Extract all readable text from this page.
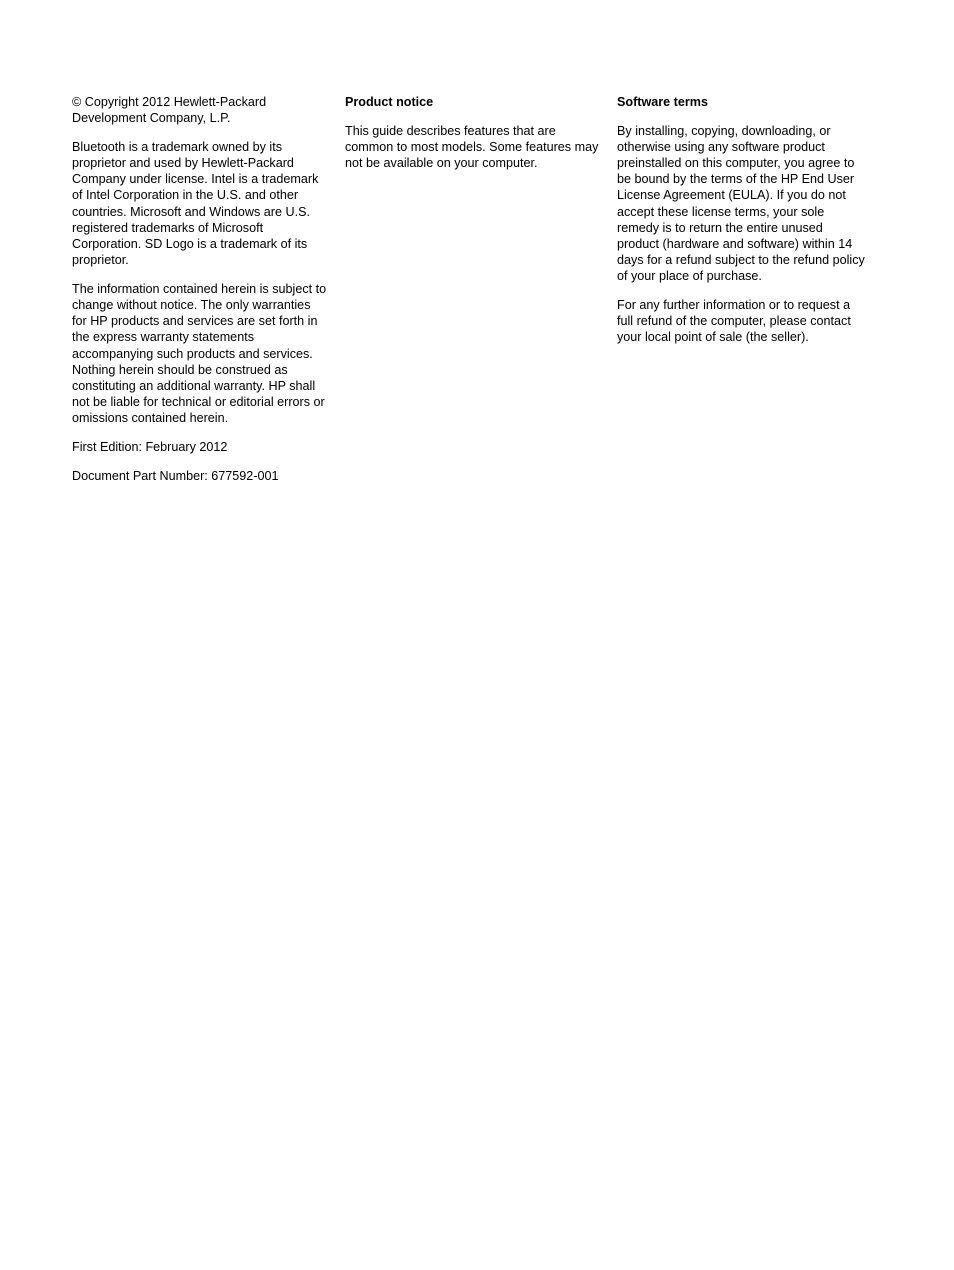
© Copyright 2012 Hewlett-Packard Development Company, L.P.

Bluetooth is a trademark owned by its proprietor and used by Hewlett-Packard Company under license. Intel is a trademark of Intel Corporation in the U.S. and other countries. Microsoft and Windows are U.S. registered trademarks of Microsoft Corporation. SD Logo is a trademark of its proprietor.

The information contained herein is subject to change without notice. The only warranties for HP products and services are set forth in the express warranty statements accompanying such products and services. Nothing herein should be construed as constituting an additional warranty. HP shall not be liable for technical or editorial errors or omissions contained herein.

First Edition: February 2012

Document Part Number: 677592-001

Product notice

This guide describes features that are common to most models. Some features may not be available on your computer.

Software terms

By installing, copying, downloading, or otherwise using any software product preinstalled on this computer, you agree to be bound by the terms of the HP End User License Agreement (EULA). If you do not accept these license terms, your sole remedy is to return the entire unused product (hardware and software) within 14 days for a refund subject to the refund policy of your place of purchase.

For any further information or to request a full refund of the computer, please contact your local point of sale (the seller).
